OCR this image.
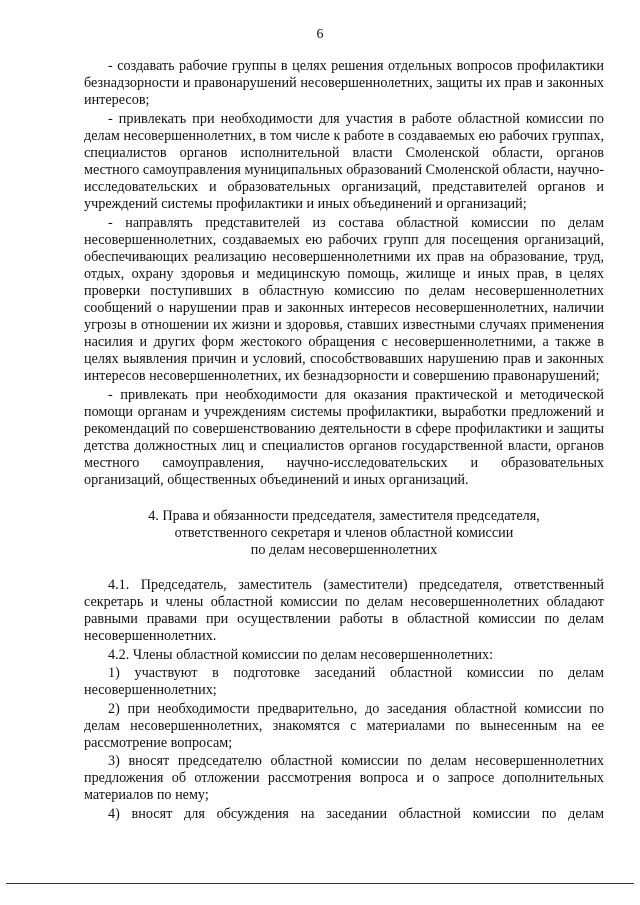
6

- создавать рабочие группы в целях решения отдельных вопросов профилактики безнадзорности и правонарушений несовершеннолетних, защиты их прав и законных интересов;

- привлекать при необходимости для участия в работе областной комиссии по делам несовершеннолетних, в том числе к работе в создаваемых ею рабочих группах, специалистов органов исполнительной власти Смоленской области, органов местного самоуправления муниципальных образований Смоленской области, научно-исследовательских и образовательных организаций, представителей органов и учреждений системы профилактики и иных объединений и организаций;

- направлять представителей из состава областной комиссии по делам несовершеннолетних, создаваемых ею рабочих групп для посещения организаций, обеспечивающих реализацию несовершеннолетними их прав на образование, труд, отдых, охрану здоровья и медицинскую помощь, жилище и иных прав, в целях проверки поступивших в областную комиссию по делам несовершеннолетних сообщений о нарушении прав и законных интересов несовершеннолетних, наличии угрозы в отношении их жизни и здоровья, ставших известными случаях применения насилия и других форм жестокого обращения с несовершеннолетними, а также в целях выявления причин и условий, способствовавших нарушению прав и законных интересов несовершеннолетних, их безнадзорности и совершению правонарушений;

- привлекать при необходимости для оказания практической и методической помощи органам и учреждениям системы профилактики, выработки предложений и рекомендаций по совершенствованию деятельности в сфере профилактики и защиты детства должностных лиц и специалистов органов государственной власти, органов местного самоуправления, научно-исследовательских и образовательных организаций, общественных объединений и иных организаций.

4. Права и обязанности председателя, заместителя председателя,
ответственного секретаря и членов областной комиссии
по делам несовершеннолетних

4.1. Председатель, заместитель (заместители) председателя, ответственный секретарь и члены областной комиссии по делам несовершеннолетних обладают равными правами при осуществлении работы в областной комиссии по делам несовершеннолетних.

4.2. Члены областной комиссии по делам несовершеннолетних:

1) участвуют в подготовке заседаний областной комиссии по делам несовершеннолетних;

2) при необходимости предварительно, до заседания областной комиссии по делам несовершеннолетних, знакомятся с материалами по вынесенным на ее рассмотрение вопросам;

3) вносят председателю областной комиссии по делам несовершеннолетних предложения об отложении рассмотрения вопроса и о запросе дополнительных материалов по нему;

4) вносят для обсуждения на заседании областной комиссии по делам
